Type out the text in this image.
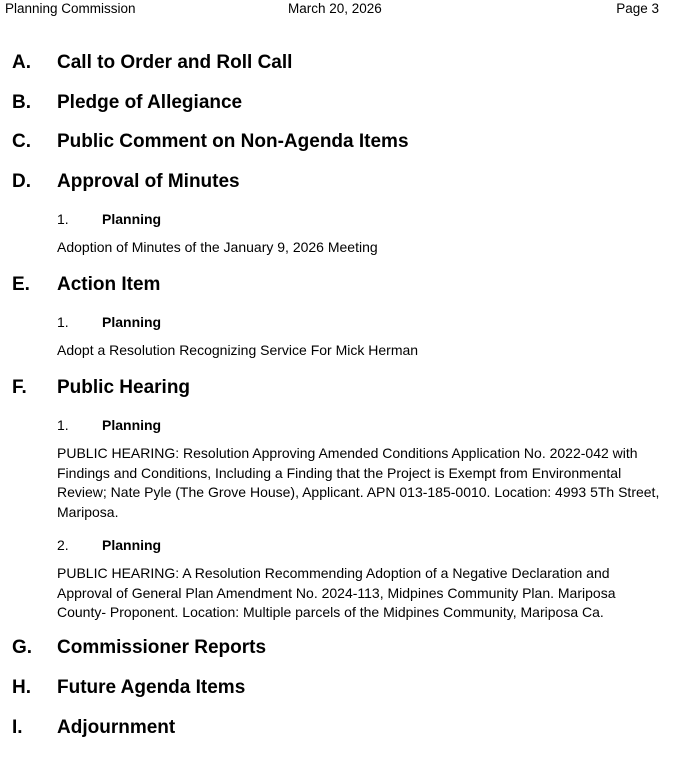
Planning Commission	March 20, 2026	Page 3
A. Call to Order and Roll Call
B. Pledge of Allegiance
C. Public Comment on Non-Agenda Items
D. Approval of Minutes
1. Planning
Adoption of Minutes of the January 9, 2026 Meeting
E. Action Item
1. Planning
Adopt a Resolution Recognizing Service For Mick Herman
F. Public Hearing
1. Planning
PUBLIC HEARING: Resolution Approving Amended Conditions Application No. 2022-042 with Findings and Conditions, Including a Finding that the Project is Exempt from Environmental Review; Nate Pyle (The Grove House), Applicant. APN 013-185-0010. Location: 4993 5Th Street, Mariposa.
2. Planning
PUBLIC HEARING: A Resolution Recommending Adoption of a Negative Declaration and Approval of General Plan Amendment No. 2024-113, Midpines Community Plan. Mariposa County- Proponent. Location: Multiple parcels of the Midpines Community, Mariposa Ca.
G. Commissioner Reports
H. Future Agenda Items
I. Adjournment
